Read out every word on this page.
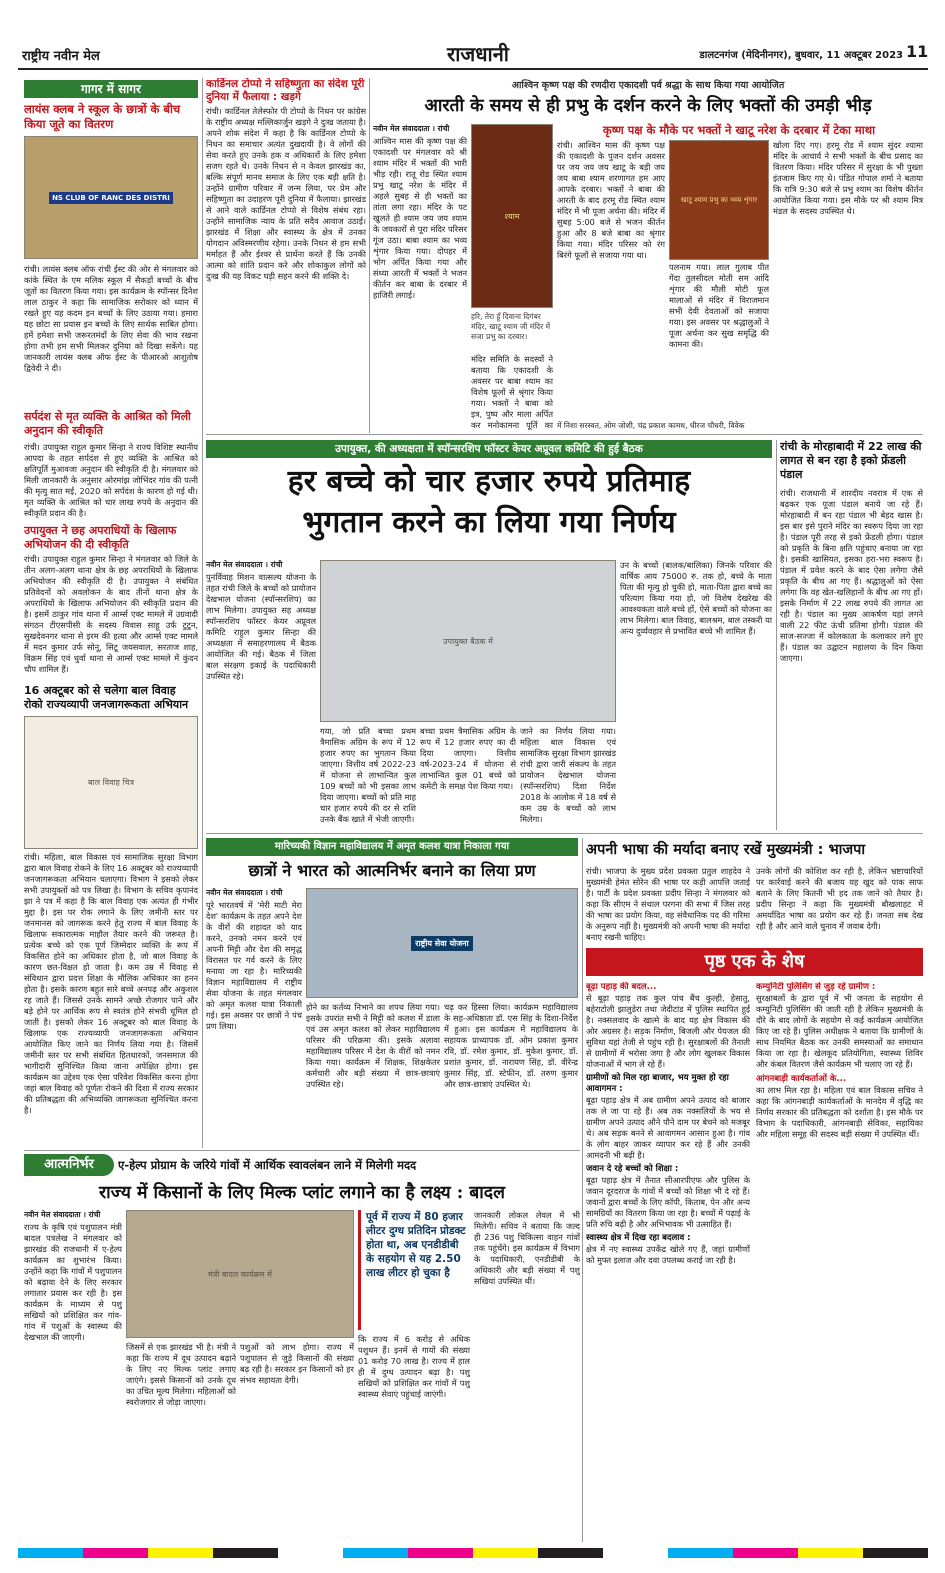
राष्ट्रीय नवीन मेल	राजधानी	डालटनगंज (मेदिनीनगर), बुधवार, 11 अक्टूबर 2023 11
गागर में सागर
लायंस क्लब ने स्कूल के छात्रों के बीच किया जूते का वितरण
NS CLUB OF RANC DES DISTRI
रांची। लायंस क्लब ऑफ रांची ईस्ट की ओर से मंगलवार को कांके स्थित के एम मलिक स्कूल में सैकड़ों बच्चों के बीच जूतों का वितरण किया गया। इस कार्यक्रम के स्पॉन्सर दिनेश लाल ठाकुर ने कहा कि सामाजिक सरोकार को ध्यान में रखते हुए यह कदम इन बच्चों के लिए उठाया गया। हमारा यह छोटा सा प्रयास इन बच्चों के लिए सार्थक साबित होगा। हमें हमेशा सभी जरूरतमंदों के लिए सेवा की भाव रखना होगा तभी हम सभी मिलकर दुनिया को दिखा सकेंगे। यह जानकारी लायंस क्लब ऑफ ईस्ट के पीआरओ आशुतोष द्विवेदी ने दी।
सर्पदंश से मृत व्यक्ति के आश्रित को मिली अनुदान की स्वीकृति
रांची। उपायुक्त राहुल कुमार सिन्हा ने राज्य विशिष्ट स्थानीय आपदा के तहत सर्पदंश से हुए व्यक्ति के आश्रित को क्षतिपूर्ति मुआवजा अनुदान की स्वीकृति दी है। मंगलवार को मिली जानकारी के अनुसार ओरमांझ जोभिंदर गांव की पत्नी की मृत्यु सात मई, 2020 को सर्पदंश के कारण हो गई थी। मृत व्यक्ति के आश्रित को चार लाख रुपये के अनुदान की स्वीकृति प्रदान की है।
उपायुक्त ने छह अपराधियों के खिलाफ अभियोजन की दी स्वीकृति
रांची। उपायुक्त राहुल कुमार सिन्हा ने मंगलवार को जिले के तीन अलग-अलग थाना क्षेत्र के छह अपराधियों के खिलाफ अभियोजन की स्वीकृति दी है। उपायुक्त ने संबंधित प्रतिवेदनों को अवलोकन के बाद तीनों थाना क्षेत्र के अपराधियों के खिलाफ अभियोजन की स्वीकृति प्रदान की है। इसमें ठाकुर गांव थाना में आर्म्स एक्ट मामले में उग्रवादी संगठन टीएसपीसी के सदस्य विवास साहू उर्फ टुटुन, सुखदेवनगर थाना से इरम की हत्या और आर्म्स एक्ट मामले में मदन कुमार उर्फ सोनू, सिटू जयसवाल, सरताज शाह, विक्रम सिंह एवं धुर्वा थाना से आर्म्स एक्ट मामले में कुंदन चौप शामिल हैं।
16 अक्टूबर को से चलेगा बाल विवाह रोको राज्यव्यापी जनजागरूकता अभियान
बाल विवाह चित्र
रांची। महिला, बाल विकास एवं सामाजिक सुरक्षा विभाग द्वारा बाल विवाह रोकने के लिए 16 अक्टूबर को राज्यव्यापी जनजागरूकता अभियान चलाएगा। विभाग ने इसको लेकर सभी उपायुक्तों को पत्र लिखा है। विभाग के सचिव कृपानंद झा ने पत्र में कहा है कि बाल विवाह एक अत्यंत ही गंभीर मुद्दा है। इस पर रोक लगाने के लिए जमीनी स्तर पर जनमानस को जागरूक करने हेतु राज्य में बाल विवाह के खिलाफ सकारात्मक माहौल तैयार करने की जरूरत है। प्रत्येक बच्चे को एक पूर्ण जिम्मेदार व्यक्ति के रूप में विकसित होने का अधिकार होता है, जो बाल विवाह के कारण छत-विक्षत हो जाता है। कम उम्र में विवाह से संविधान द्वारा प्रदत्त शिक्षा के मौलिक अधिकार का हनन होता है। इसके कारण बहुत सारे बच्चे अनपढ़ और अकुशल रह जाते हैं। जिससे उनके सामने अच्छे रोजगार पाने और बड़े होने पर आर्थिक रूप से स्वतंत्र होने संभवी धूमिल हो जाती है। इसको लेकर 16 अक्टूबर को बाल विवाह के खिलाफ एक राज्यव्यापी जनजागरूकता अभियान आयोजित किए जाने का निर्णय लिया गया है। जिसमें जमीनी स्तर पर सभी संबंधित हितधारकों, जनसमाज की भागीदारी सुनिश्चित किया जाना अपेक्षित होगा। इस कार्यक्रम का उद्देश्य एक ऐसा परिवेश विकसित करना होगा जहां बाल विवाह को पूर्णतः रोकने की दिशा में राज्य सरकार की प्रतिबद्धता की अभिव्यक्ति जागरूकता सुनिश्चित करना है।
कार्डिनल टोप्पो ने सहिष्णुता का संदेश पूरी दुनिया में फैलाया : खड़गे
रांची। कार्डिनल तेलेस्फोर पी टोप्पो के निधन पर कांग्रेस के राष्ट्रीय अध्यक्ष मल्लिकार्जुन खड़गे ने दुःख जताया है। अपने शोक संदेश में कहा है कि कार्डिनल टोप्पो के निधन का समाचार अत्यंत दुखदायी है। वे लोगों की सेवा करते हुए उनके हक व अधिकारों के लिए हमेशा सजग रहते थे। उनके निधन से न केवल झारखंड का, बल्कि संपूर्ण मानव समाज के लिए एक बड़ी क्षति है। उन्होंने ग्रामीण परिवार में जन्म लिया, पर प्रेम और सहिष्णुता का उदाहरण पूरी दुनिया में फैलाया। झारखंड से आने वाले कार्डिनल टोप्पो से विशेष संबंध रहा। उन्होंने सामाजिक न्याय के प्रति सदैव आवाज उठाई। झारखंड में शिक्षा और स्वास्थ्य के क्षेत्र में उनका योगदान अविस्मरणीय रहेगा। उनके निधन से हम सभी मर्माहत हैं और ईश्वर से प्रार्थना करते हैं कि उनकी आत्मा को शांति प्रदान करे और शोकाकुल लोगों को दुःख की यह विकट घड़ी सहन करने की शक्ति दे।
आश्विन कृष्ण पक्ष की रणदीरा एकादशी पर्व श्रद्धा के साथ किया गया आयोजित
आरती के समय से ही प्रभु के दर्शन करने के लिए भक्तों की उमड़ी भीड़
कृष्ण पक्ष के मौके पर भक्तों ने खाटू नरेश के दरबार में टेका माथा
नवीन मेल संवाददाता । रांची
आश्विन मास की कृष्ण पक्ष की एकादशी पर मंगलवार को श्री श्याम मंदिर में भक्तों की भारी भीड़ रही। रातू रोड स्थित श्याम प्रभु खाटू नरेश के मंदिर में अहले सुबह से ही भक्तों का तांता लगा रहा। मंदिर के पट खुलते ही श्याम जय जय श्याम के जयकारों से पूरा मंदिर परिसर गूंज उठा। बाबा श्याम का भव्य शृंगार किया गया। दोपहर में भोग अर्पित किया गया और संध्या आरती में भक्तों ने भजन कीर्तन कर बाबा के दरबार में हाजिरी लगाई।
श्याम
हरि, तेरा हूँ दिवाना दिगंबर मंदिर, खाटू श्याम जी मंदिर में सजा प्रभु का दरबार।
मंदिर समिति के सदस्यों ने बताया कि एकादशी के अवसर पर बाबा श्याम का विशेष फूलों से श्रृंगार किया गया। भक्तों ने बाबा को इत्र, पुष्प और माला अर्पित कर मनोकामना पूर्ति का
रांची। आश्विन मास की कृष्ण पक्ष की एकादशी के पुजन दर्शन अवसर पर जय जय जय खाटू के बड़ी जय जय बाबा श्याम शरणागत हम आए आपके दरबार। भक्तों ने बाबा की आरती के बाद हरमू रोड स्थित श्याम मंदिर में भी पूजा अर्चना की। मंदिर में सुबह 5:00 बजे से भजन कीर्तन हुआ और 8 बजे बाबा का श्रृंगार किया गया। मंदिर परिसर को रंग बिरंगे फूलों से सजाया गया था।
खाटू श्याम प्रभु का भव्य शृंगार
पलनाम गया। लाल गुलाब पीत गेंदा तुलसीदल मोती सम आंदि शृंगार की मौली मोटी फूल मालाओं से मंदिर में विराजमान सभी देवी देवताओं को सजाया गया। इस अवसर पर श्रद्धालुओं ने पूजा अर्चना कर सुख समृद्धि की कामना की।
खोला दिए गए। हरमू रोड में श्याम सुंदर श्यामा मंदिर के आचार्य ने सभी भक्तों के बीच प्रसाद का वितरण किया। मंदिर परिसर में सुरक्षा के भी पुख्ता इंतजाम किए गए थे। पंडित गोपाल शर्मा ने बताया कि रात्रि 9:30 बजे से प्रभु श्याम का विशेष कीर्तन आयोजित किया गया। इस मौके पर श्री श्याम मित्र मंडल के सदस्य उपस्थित थे।
में निशा सरस्वत, ओम जोशी, चंद्र प्रकाश कामथ, धीरज चौधरी, विवेक
उपायुक्त, की अध्यक्षता में स्पॉन्सरशिप फॉस्टर केयर अप्रूवल कमिटि की हुई बैठक
हर बच्चे को चार हजार रुपये प्रतिमाह
भुगतान करने का लिया गया निर्णय
नवीन मेल संवाददाता । रांची
पुनर्विवाह मिशन वात्सल्य योजना के तहत रांची जिले के बच्चों को प्रायोजन देखभाल योजना (स्पॉन्सरशिप) का लाभ मिलेगा। उपायुक्त सह अध्यक्ष स्पॉन्सरशिप फॉस्टर केयर अप्रूवल कमिटि राहुल कुमार सिन्हा की अध्यक्षता में समाहरणालय में बैठक आयोजित की गई। बैठक में जिला बाल संरक्षण इकाई के पदाधिकारी उपस्थित रहे।
उपायुक्त बैठक में
उन के बच्चों (बालक/बालिका) जिनके परिवार की वार्षिक आय 75000 रु. तक हो, बच्चे के माता पिता की मृत्यु हो चुकी हो, माता-पिता द्वारा बच्चे का परित्याग किया गया हो, जो विशेष देखरेख की आवश्यकता वाले बच्चे हों, ऐसे बच्चों को योजना का लाभ मिलेगा। बाल विवाह, बालश्रम, बाल तस्करी या अन्य दुर्व्यवहार से प्रभावित बच्चे भी शामिल हैं।
गया, जो प्रति बच्चा प्रथम त्रैमासिक अग्रिम के रूप में 12 हजार रुपए का भुगतान किया जाएगा। वित्तीय वर्ष 2022-23 में योजना से लाभान्वित कुल 109 बच्चों को भी इसका लाभ दिया जाएगा। बच्चों को प्रति माह चार हजार रुपये की दर से राशि उनके बैंक खाते में भेजी जाएगी।
बच्चा प्रथम त्रैमासिक अग्रिम के रूप में 12 हजार रुपए का दी दिया जाएगा। वित्तीय वर्ष-2023-24 में योजना से लाभान्वित कुल 01 बच्चे को कमेटी के समक्ष पेश किया गया।
जाने का निर्णय लिया गया। महिला बाल विकास एवं सामाजिक सुरक्षा विभाग झारखंड रांची द्वारा जारी संकल्प के तहत प्रायोजन देखभाल योजना (स्पॉन्सरशिप) दिशा निर्देश 2018 के आलोक में 18 वर्ष से कम उम्र के बच्चों को लाभ मिलेगा।
रांची के मोरहाबादी में 22 लाख की लागत से बन रहा है इको फ्रेंडली पंडाल
रांची। राजधानी में शारदीय नवरात्र में एक से बढ़कर एक पूजा पंडाल बनाये जा रहे हैं। मोरहाबादी में बन रहा पंडाल भी बेहद खास है। इस बार इसे पुराने मंदिर का स्वरूप दिया जा रहा है। पंडाल पूरी तरह से इको फ्रेंडली होगा। पंडाल को प्रकृति के बिना क्षति पहुंचाए बनाया जा रहा है। इसकी खासियत, इसका हरा-भरा स्वरूप है। पंडाल में प्रवेश करने के बाद ऐसा लगेगा जैसे प्रकृति के बीच आ गए हैं। श्रद्धालुओं को ऐसा लगेगा कि वह खेत-खलिहानों के बीच आ गए हों। इसके निर्माण में 22 लाख रुपये की लागत आ रही है। पंडाल का मुख्य आकर्षण यहां लगने वाली 22 फीट ऊंची प्रतिमा होगी। पंडाल की साज-सज्जा में कोलकाता के कलाकार लगे हुए हैं। पंडाल का उद्घाटन महालया के दिन किया जाएगा।
मारिच्यकी विज्ञान महाविद्यालय में अमृत कलश यात्रा निकाला गया
छात्रों ने भारत को आत्मनिर्भर बनाने का लिया प्रण
नवीन मेल संवाददाता । रांची
पूरे भारतवर्ष में 'मेरी माटी मेरा देश' कार्यक्रम के तहत अपने देश के वीरों की शहादत को याद करने, उनको नमन करने एवं अपनी मिट्टी और देश की समृद्ध विरासत पर गर्व करने के लिए मनाया जा रहा है। मारिच्यकी विज्ञान महाविद्यालय में राष्ट्रीय सेवा योजना के तहत मंगलवार को अमृत कलश यात्रा निकाली गई। इस अवसर पर छात्रों ने पंच प्रण लिया।
राष्ट्रीय सेवा योजना
होने का कर्तव्य निभाने का शपथ लिया गया। इसके उपरांत सभी ने मिट्टी को कलश में डाला एवं उस अमृत कलश को लेकर महाविद्यालय परिसर की परिक्रमा की। इसके अलावा महाविद्यालय परिसर में देश के वीरों को नमन किया गया। कार्यक्रम में शिक्षक, शिक्षकेतर कर्मचारी और बड़ी संख्या में छात्र-छात्राएं उपस्थित रहे।
चढ़ कर हिस्सा लिया। कार्यक्रम महाविद्यालय के सह-अधिष्ठाता डॉ. एस सिंह के दिशा-निर्देश में हुआ। इस कार्यक्रम में महाविद्यालय के सहायक प्राध्यापक डॉ. ओम प्रकाश कुमार रवि, डॉ. रमेश कुमार, डॉ. मुकेश कुमार, डॉ. प्रशांत कुमार, डॉ. नारायण सिंह, डॉ. वीरेन्द्र कुमार सिंह, डॉ. स्टेफीन, डॉ. तरुण कुमार और छात्र-छात्राएं उपस्थित थे।
अपनी भाषा की मर्यादा बनाए रखें मुख्यमंत्री : भाजपा
रांची। भाजपा के मुख्य प्रदेश प्रवक्ता प्रतुल शाहदेव ने मुख्यमंत्री हेमंत सोरेन की भाषा पर कड़ी आपत्ति जताई है। पार्टी के प्रदेश प्रवक्ता प्रदीप सिन्हा ने मंगलवार को कहा कि सीएम ने संथाल परगना की सभा में जिस तरह की भाषा का प्रयोग किया, वह संवैधानिक पद की गरिमा के अनुरूप नहीं है। मुख्यमंत्री को अपनी भाषा की मर्यादा बनाए रखनी चाहिए।
उनके लोगों की कोशिश कर रही है, लेकिन भ्रष्टाचारियों पर कार्रवाई करने की बजाय यह खुद को पाक साफ बताने के लिए कितनी भी हद तक जाने को तैयार है। प्रदीप सिन्हा ने कहा कि मुख्यमंत्री बौखलाहट में अमर्यादित भाषा का प्रयोग कर रहे हैं। जनता सब देख रही है और आने वाले चुनाव में जवाब देगी।
पृष्ठ एक के शेष
बूढ़ा पहाड़ की बदल...
से बूढ़ा पहाड़ तक कुल पांच बैंच कुल्ही, हेसातु, बहेराटोली झालुडेरा तथा जेदीटांड में पुलिस स्थापित हुई है। नक्सलवाद के खात्मे के बाद यह क्षेत्र विकास की ओर अग्रसर है। सड़क निर्माण, बिजली और पेयजल की सुविधा यहां तेजी से पहुंच रही है। सुरक्षाबलों की तैनाती से ग्रामीणों में भरोसा जगा है और लोग खुलकर विकास योजनाओं में भाग ले रहे हैं।
ग्रामीणों को मिल रहा बाजार, भय मुक्त हो रहा आवागमन :
बूढ़ा पहाड़ क्षेत्र में अब ग्रामीण अपने उत्पाद को बाजार तक ले जा पा रहे हैं। अब तक नक्सलियों के भय से ग्रामीण अपने उत्पाद औने पौने दाम पर बेचने को मजबूर थे। अब सड़क बनने से आवागमन आसान हुआ है। गांव के लोग बाहर जाकर व्यापार कर रहे हैं और उनकी आमदनी भी बढ़ी है।
जवान दे रहे बच्चों को शिक्षा :
बूढ़ा पहाड़ क्षेत्र में तैनात सीआरपीएफ और पुलिस के जवान दूरदराज के गांवों में बच्चों को शिक्षा भी दे रहे हैं। जवानों द्वारा बच्चों के लिए कॉपी, किताब, पेन और अन्य सामग्रियों का वितरण किया जा रहा है। बच्चों में पढ़ाई के प्रति रुचि बढ़ी है और अभिभावक भी उत्साहित हैं।
स्वास्थ्य क्षेत्र में दिख रहा बदलाव :
क्षेत्र में नए स्वास्थ्य उपकेंद्र खोले गए हैं, जहां ग्रामीणों को मुफ्त इलाज और दवा उपलब्ध कराई जा रही है।
कम्युनिटी पुलिसिंग से जुड़ रहे ग्रामीण :
सुरक्षाबलों के द्वारा पूर्व में भी जनता के सहयोग से कम्युनिटी पुलिसिंग की जाती रही है लेकिन मुख्यमंत्री के दौरे के बाद लोगों के सहयोग से कई कार्यक्रम आयोजित किए जा रहे हैं। पुलिस अधीक्षक ने बताया कि ग्रामीणों के साथ नियमित बैठक कर उनकी समस्याओं का समाधान किया जा रहा है। खेलकूद प्रतियोगिता, स्वास्थ्य शिविर और कंबल वितरण जैसे कार्यक्रम भी चलाए जा रहे हैं।
आंगनबाड़ी कार्यकर्ताओं के...
का लाभ मिल रहा है। महिला एवं बाल विकास सचिव ने कहा कि आंगनबाड़ी कार्यकर्ताओं के मानदेय में वृद्धि का निर्णय सरकार की प्रतिबद्धता को दर्शाता है। इस मौके पर विभाग के पदाधिकारी, आंगनबाड़ी सेविका, सहायिका और महिला समूह की सदस्य बड़ी संख्या में उपस्थित थीं।
आत्मनिर्भर	ए-हेल्प प्रोग्राम के जरिये गांवों में आर्थिक स्वावलंबन लाने में मिलेगी मदद
राज्य में किसानों के लिए मिल्क प्लांट लगाने का है लक्ष्य : बादल
नवीन मेल संवाददाता । रांची
राज्य के कृषि एवं पशुपालन मंत्री बादल पत्रलेख ने मंगलवार को झारखंड की राजधानी में ए-हेल्प कार्यक्रम का शुभारंभ किया। उन्होंने कहा कि गांवों में पशुपालन को बढ़ावा देने के लिए सरकार लगातार प्रयास कर रही है। इस कार्यक्रम के माध्यम से पशु सखियों को प्रशिक्षित कर गांव-गांव में पशुओं के स्वास्थ्य की देखभाल की जाएगी।
मंत्री बादल कार्यक्रम में
जिसमें से एक झारखंड भी है। मंत्री ने कहा कि राज्य में दूध उत्पादन बढ़ाने के लिए नए मिल्क प्लांट लगाए जाएंगे। इससे किसानों को उनके दूध का उचित मूल्य मिलेगा। महिलाओं को स्वरोजगार से जोड़ा जाएगा।
पशुओं को लाभ होगा। राज्य में पशुपालन से जुड़े किसानों की संख्या बढ़ रही है। सरकार इन किसानों को हर संभव सहायता देगी।
पूर्व में राज्य में 80 हजार लीटर दुग्ध प्रतिदिन प्रोडक्ट होता था, अब एनडीडीबी के सहयोग से यह 2.50 लाख लीटर हो चुका है
कि राज्य में 6 करोड़ से अधिक पशुधन हैं। इनमें से गायों की संख्या 01 करोड़ 70 लाख है। राज्य में हाल ही में दुग्ध उत्पादन बढ़ा है। पशु सखियों को प्रशिक्षित कर गांवों में पशु स्वास्थ्य सेवाएं पहुंचाई जाएंगी।
जानकारी लोकल लेवल में भी मिलेगी। सचिव ने बताया कि जल्द ही 236 पशु चिकित्सा वाहन गांवों तक पहुंचेंगे। इस कार्यक्रम में विभाग के पदाधिकारी, एनडीडीबी के अधिकारी और बड़ी संख्या में पशु सखियां उपस्थित थीं।
